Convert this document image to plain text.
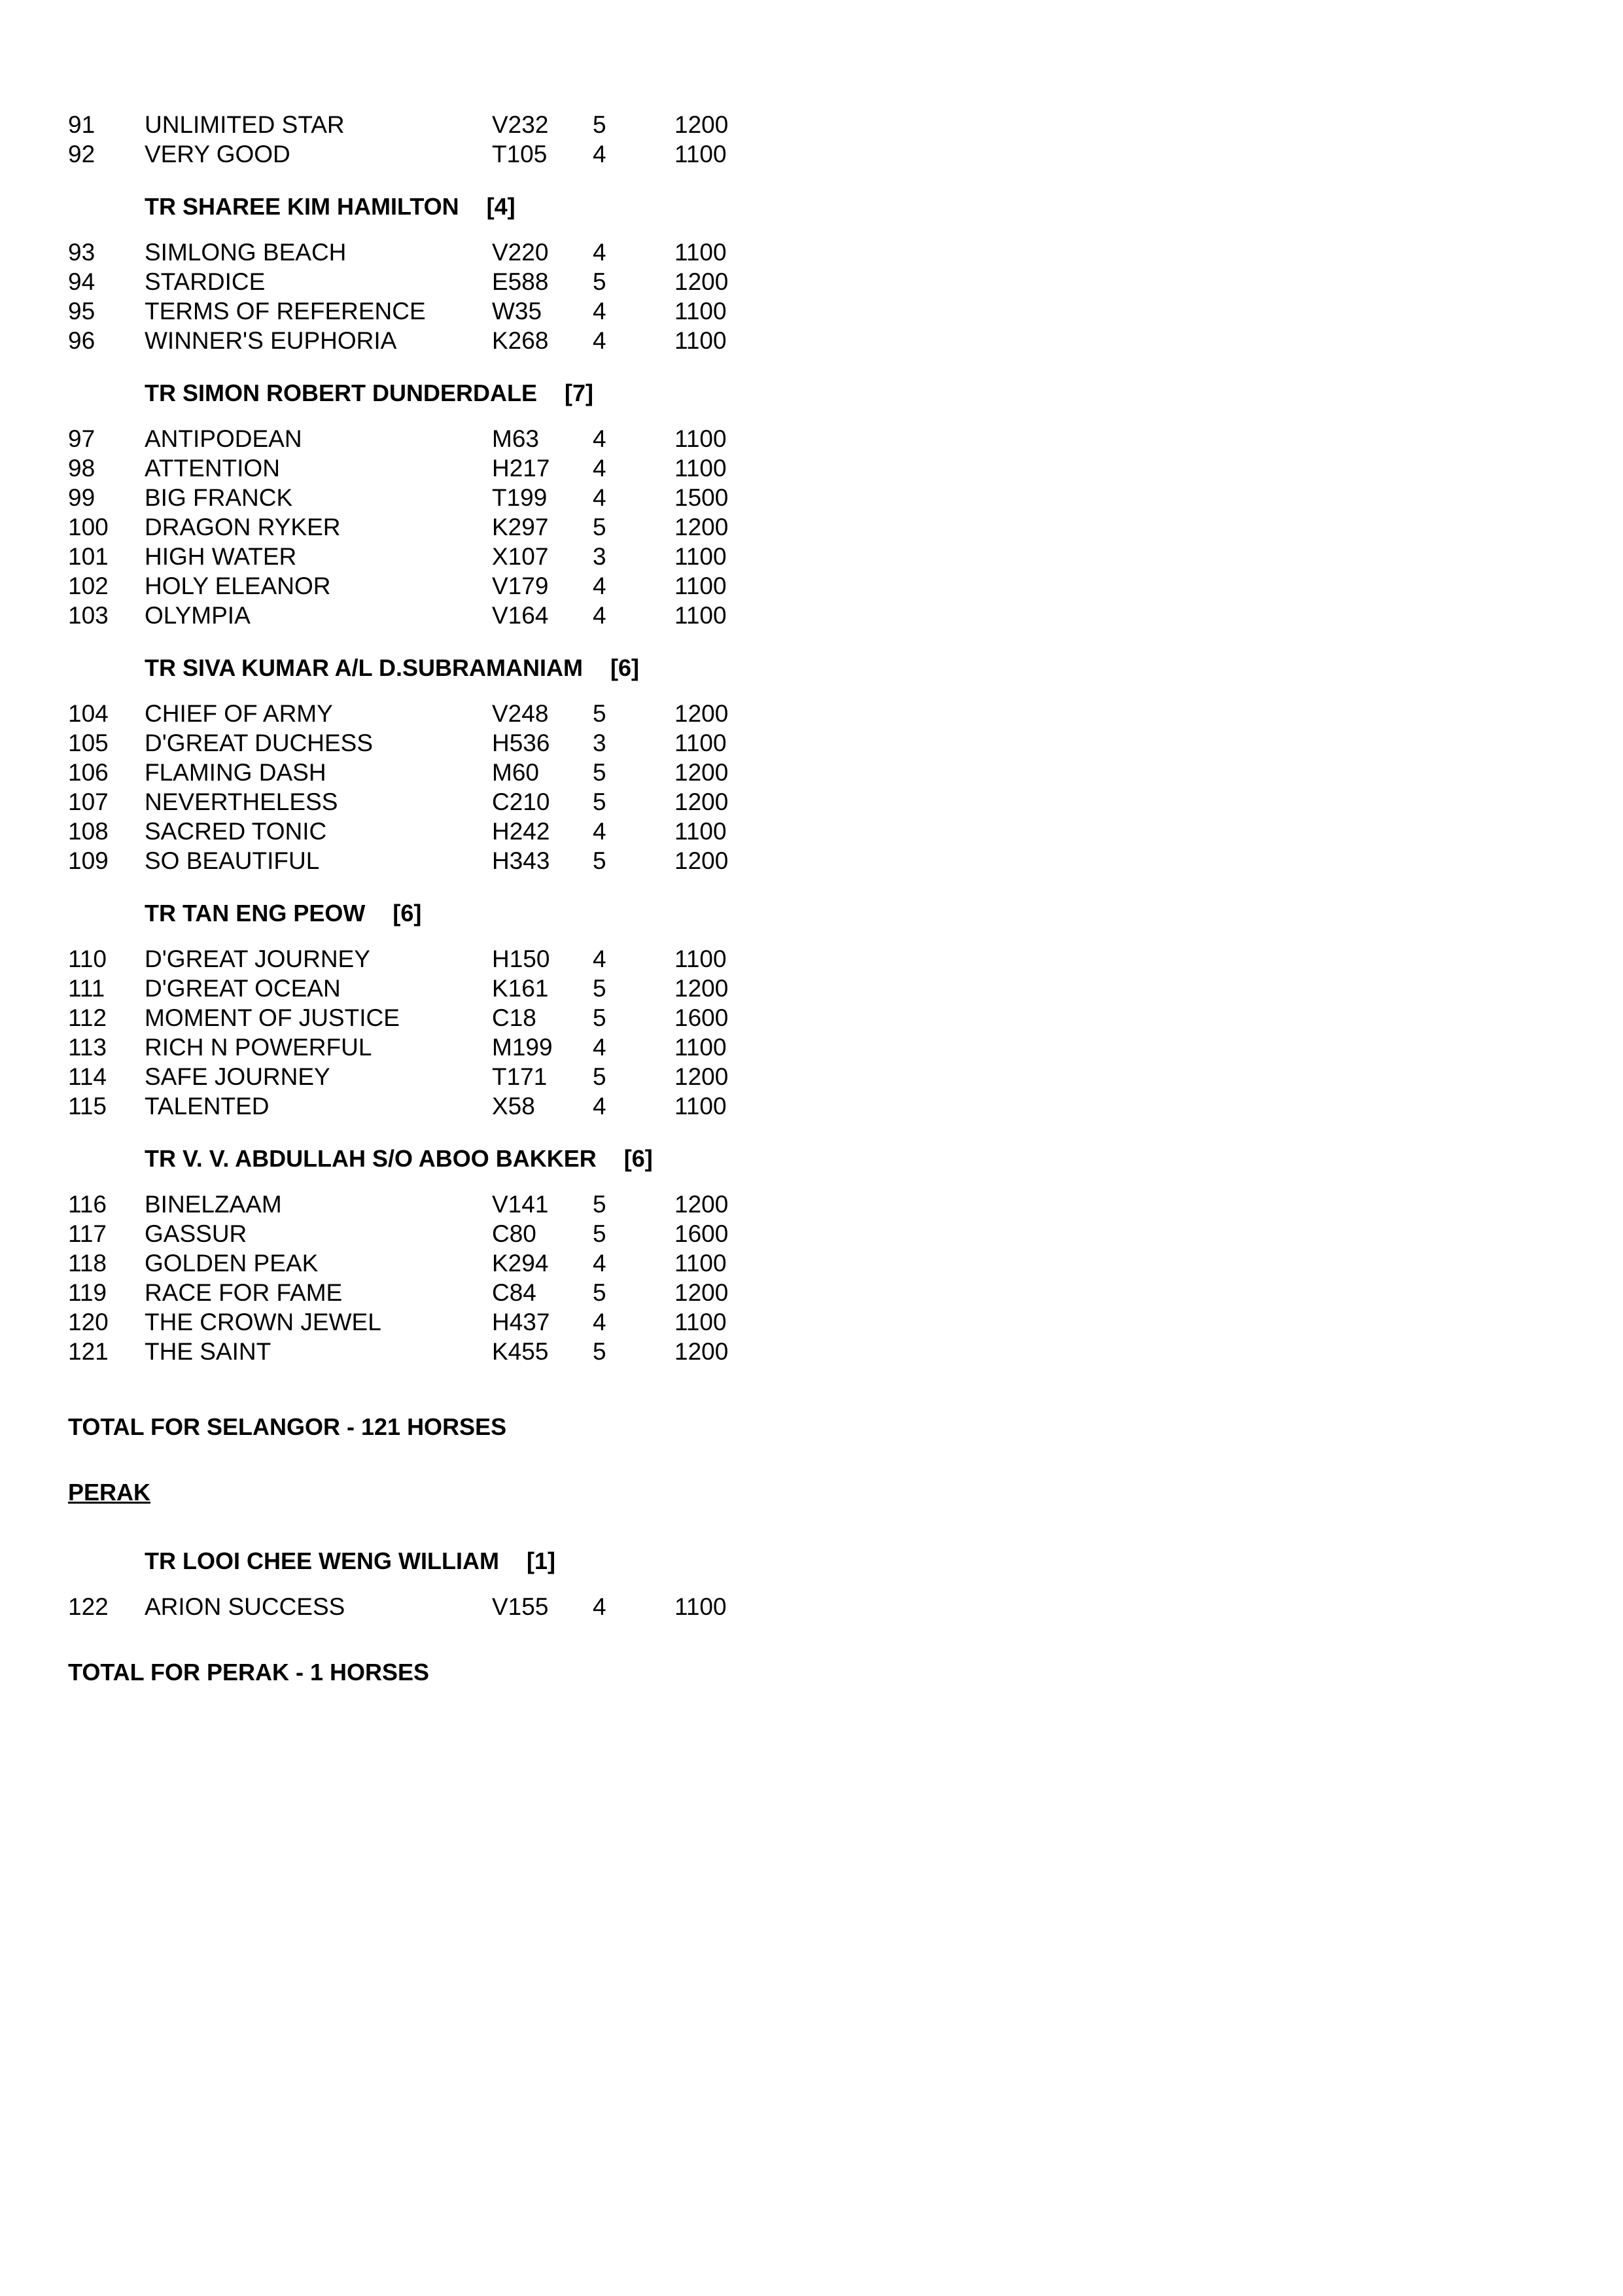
91 UNLIMITED STAR	V232 5	1200
92 VERY GOOD	T105 4	1100
TR SHAREE KIM HAMILTON [4]
93 SIMLONG BEACH	V220 4	1100
94 STARDICE	E588 5	1200
95 TERMS OF REFERENCE	W35 4	1100
96 WINNER'S EUPHORIA	K268 4	1100
TR SIMON ROBERT DUNDERDALE [7]
97 ANTIPODEAN	M63 4	1100
98 ATTENTION	H217 4	1100
99 BIG FRANCK	T199 4	1500
100 DRAGON RYKER	K297 5	1200
101 HIGH WATER	X107 3	1100
102 HOLY ELEANOR	V179 4	1100
103 OLYMPIA	V164 4	1100
TR SIVA KUMAR A/L D.SUBRAMANIAM [6]
104 CHIEF OF ARMY	V248 5	1200
105 D'GREAT DUCHESS	H536 3	1100
106 FLAMING DASH	M60 5	1200
107 NEVERTHELESS	C210 5	1200
108 SACRED TONIC	H242 4	1100
109 SO BEAUTIFUL	H343 5	1200
TR TAN ENG PEOW [6]
110 D'GREAT JOURNEY	H150 4	1100
111 D'GREAT OCEAN	K161 5	1200
112 MOMENT OF JUSTICE	C18 5	1600
113 RICH N POWERFUL	M199 4	1100
114 SAFE JOURNEY	T171 5	1200
115 TALENTED	X58 4	1100
TR V. V. ABDULLAH S/O ABOO BAKKER [6]
116 BINELZAAM	V141 5	1200
117 GASSUR	C80 5	1600
118 GOLDEN PEAK	K294 4	1100
119 RACE FOR FAME	C84 5	1200
120 THE CROWN JEWEL	H437 4	1100
121 THE SAINT	K455 5	1200
TOTAL FOR SELANGOR - 121 HORSES
PERAK
TR LOOI CHEE WENG WILLIAM [1]
122 ARION SUCCESS	V155 4	1100
TOTAL FOR PERAK - 1 HORSES
